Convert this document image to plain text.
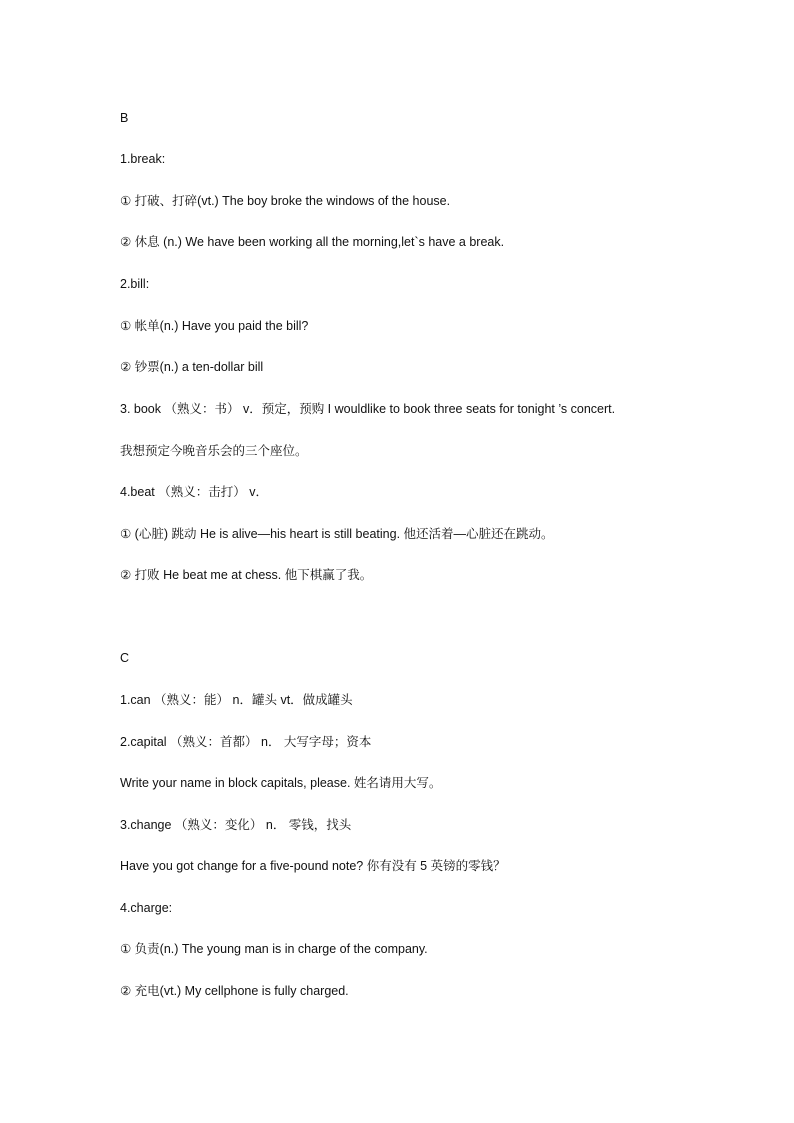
B
1.break:
① 打破、打碎(vt.) The boy broke the windows of the house.
② 休息 (n.) We have been working all the morning,let`s have a break.
2.bill:
① 帐单(n.) Have you paid the bill?
② 钞票(n.) a ten-dollar bill
3. book （熟义：书） v．预定，预购 I wouldlike to book three seats for tonight ’s concert.
我想预定今晚音乐会的三个座位。
4.beat （熟义：击打） v．
① (心脏) 跳动 He is alive—his heart is still beating. 他还活着—心脏还在跳动。
② 打败 He beat me at chess. 他下棋赢了我。
C
1.can （熟义：能） n．罐头 vt．做成罐头
2.capital （熟义：首都） n． 大写字母；资本
Write your name in block capitals, please. 姓名请用大写。
3.change （熟义：变化） n． 零钱，找头
Have you got change for a five-pound note? 你有没有 5 英镑的零钱？
4.charge:
① 负责(n.) The young man is in charge of the company.
② 充电(vt.) My cellphone is fully charged.
